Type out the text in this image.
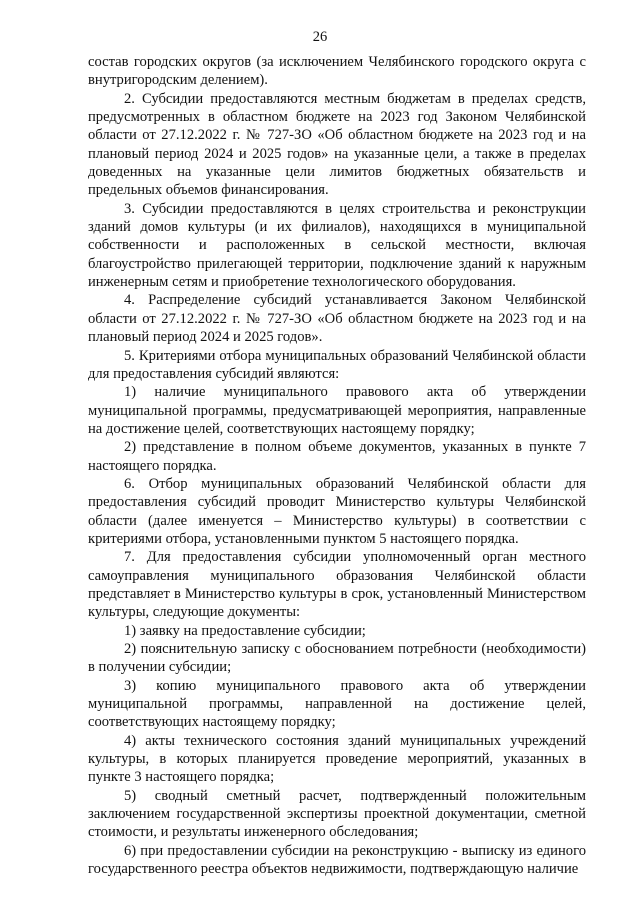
26

состав городских округов (за исключением Челябинского городского округа с внутригородским делением).

2. Субсидии предоставляются местным бюджетам в пределах средств, предусмотренных в областном бюджете на 2023 год Законом Челябинской области от 27.12.2022 г. № 727-ЗО «Об областном бюджете на 2023 год и на плановый период 2024 и 2025 годов» на указанные цели, а также в пределах доведенных на указанные цели лимитов бюджетных обязательств и предельных объемов финансирования.

3. Субсидии предоставляются в целях строительства и реконструкции зданий домов культуры (и их филиалов), находящихся в муниципальной собственности и расположенных в сельской местности, включая благоустройство прилегающей территории, подключение зданий к наружным инженерным сетям и приобретение технологического оборудования.

4. Распределение субсидий устанавливается Законом Челябинской области от 27.12.2022 г. № 727-ЗО «Об областном бюджете на 2023 год и на плановый период 2024 и 2025 годов».

5. Критериями отбора муниципальных образований Челябинской области для предоставления субсидий являются:

1) наличие муниципального правового акта об утверждении муниципальной программы, предусматривающей мероприятия, направленные на достижение целей, соответствующих настоящему порядку;

2) представление в полном объеме документов, указанных в пункте 7 настоящего порядка.

6. Отбор муниципальных образований Челябинской области для предоставления субсидий проводит Министерство культуры Челябинской области (далее именуется – Министерство культуры) в соответствии с критериями отбора, установленными пунктом 5 настоящего порядка.

7. Для предоставления субсидии уполномоченный орган местного самоуправления муниципального образования Челябинской области представляет в Министерство культуры в срок, установленный Министерством культуры, следующие документы:

1) заявку на предоставление субсидии;

2) пояснительную записку с обоснованием потребности (необходимости) в получении субсидии;

3) копию муниципального правового акта об утверждении муниципальной программы, направленной на достижение целей, соответствующих настоящему порядку;

4) акты технического состояния зданий муниципальных учреждений культуры, в которых планируется проведение мероприятий, указанных в пункте 3 настоящего порядка;

5) сводный сметный расчет, подтвержденный положительным заключением государственной экспертизы проектной документации, сметной стоимости, и результаты инженерного обследования;

6) при предоставлении субсидии на реконструкцию - выписку из единого государственного реестра объектов недвижимости, подтверждающую наличие
